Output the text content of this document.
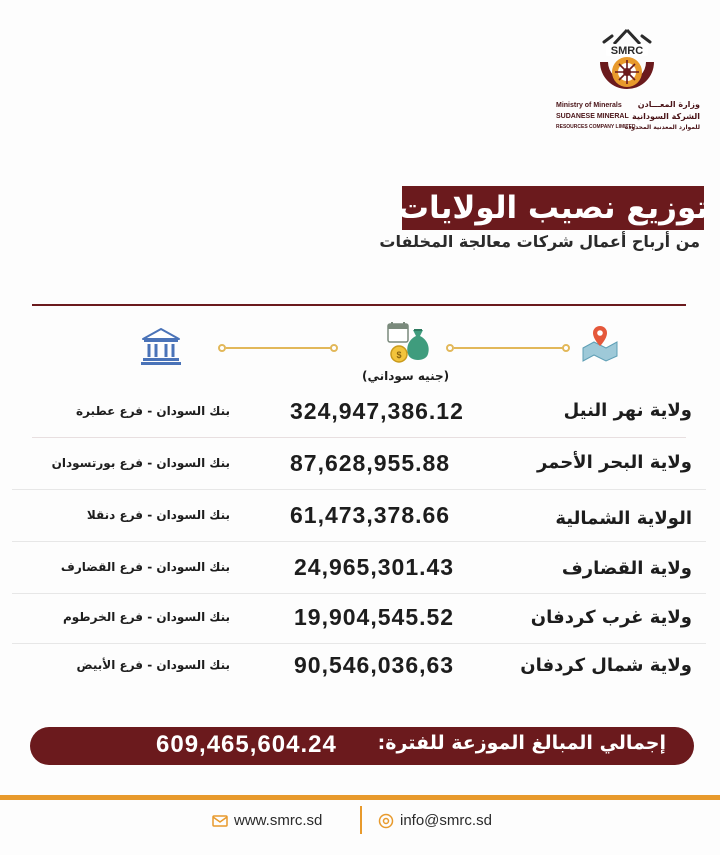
SMRC
Ministry of Minerals
SUDANESE MINERAL
RESOURCES COMPANY LIMITED
وزارة المعـــادن
الشركة السودانية
للموارد المعدنية المحدودة
توزيع نصيب الولايات
من أرباح أعمال شركات معالجة المخلفات
$
(جنيه سوداني)
ولاية نهر النيل
324,947,386.12
بنك السودان - فرع عطبرة
ولاية البحر الأحمر
87,628,955.88
بنك السودان - فرع بورتسودان
الولاية الشمالية
61,473,378.66
بنك السودان - فرع دنقلا
ولاية القضارف
24,965,301.43
بنك السودان - فرع القضارف
ولاية غرب كردفان
19,904,545.52
بنك السودان - فرع الخرطوم
ولاية شمال كردفان
90,546,036,63
بنك السودان - فرع الأبيض
إجمالي المبالغ الموزعة للفترة:
609,465,604.24
www.smrc.sd	info@smrc.sd
